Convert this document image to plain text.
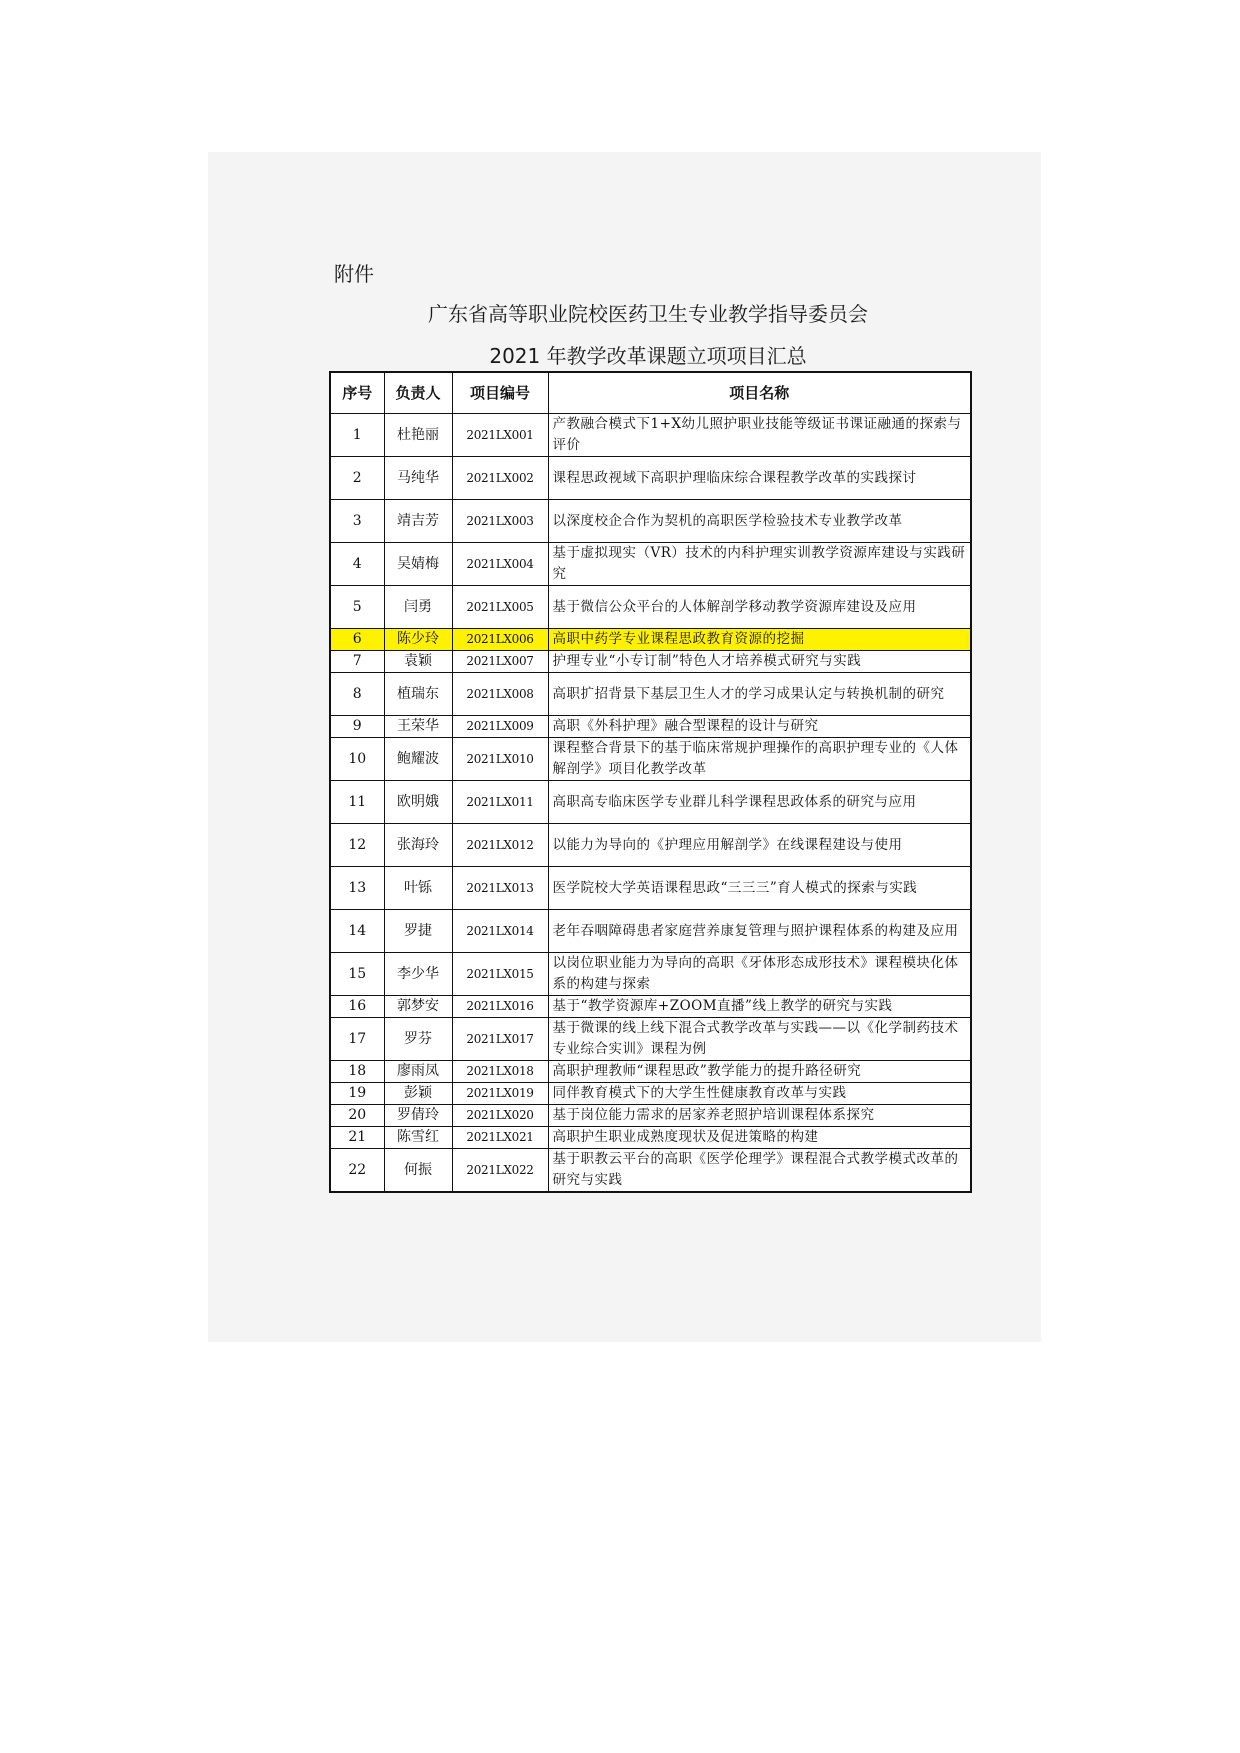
附件
广东省高等职业院校医药卫生专业教学指导委员会
2021 年教学改革课题立项项目汇总
序号	负责人	项目编号	项目名称
1	杜艳丽	2021LX001	产教融合模式下1+X幼儿照护职业技能等级证书课证融通的探索与评价
2	马纯华	2021LX002	课程思政视域下高职护理临床综合课程教学改革的实践探讨
3	靖吉芳	2021LX003	以深度校企合作为契机的高职医学检验技术专业教学改革
4	吴婧梅	2021LX004	基于虚拟现实（VR）技术的内科护理实训教学资源库建设与实践研究
5	闫勇	2021LX005	基于微信公众平台的人体解剖学移动教学资源库建设及应用
6	陈少玲	2021LX006	高职中药学专业课程思政教育资源的挖掘
7	袁颖	2021LX007	护理专业“小专订制”特色人才培养模式研究与实践
8	植瑞东	2021LX008	高职扩招背景下基层卫生人才的学习成果认定与转换机制的研究
9	王荣华	2021LX009	高职《外科护理》融合型课程的设计与研究
10	鲍耀波	2021LX010	课程整合背景下的基于临床常规护理操作的高职护理专业的《人体解剖学》项目化教学改革
11	欧明娥	2021LX011	高职高专临床医学专业群儿科学课程思政体系的研究与应用
12	张海玲	2021LX012	以能力为导向的《护理应用解剖学》在线课程建设与使用
13	叶铄	2021LX013	医学院校大学英语课程思政“三三三”育人模式的探索与实践
14	罗捷	2021LX014	老年吞咽障碍患者家庭营养康复管理与照护课程体系的构建及应用
15	李少华	2021LX015	以岗位职业能力为导向的高职《牙体形态成形技术》课程模块化体系的构建与探索
16	郭梦安	2021LX016	基于“教学资源库+ZOOM直播”线上教学的研究与实践
17	罗芬	2021LX017	基于微课的线上线下混合式教学改革与实践——以《化学制药技术专业综合实训》课程为例
18	廖雨凤	2021LX018	高职护理教师“课程思政”教学能力的提升路径研究
19	彭颖	2021LX019	同伴教育模式下的大学生性健康教育改革与实践
20	罗倩玲	2021LX020	基于岗位能力需求的居家养老照护培训课程体系探究
21	陈雪红	2021LX021	高职护生职业成熟度现状及促进策略的构建
22	何振	2021LX022	基于职教云平台的高职《医学伦理学》课程混合式教学模式改革的研究与实践
